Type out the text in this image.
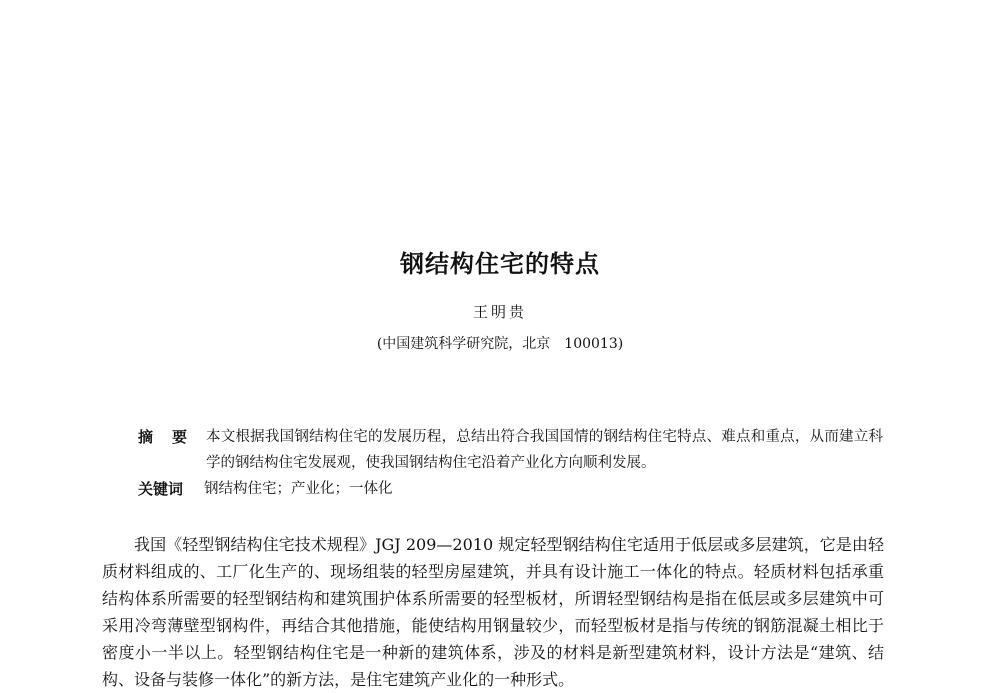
钢结构住宅的特点
王明贵
(中国建筑科学研究院，北京 100013)
摘要 本文根据我国钢结构住宅的发展历程，总结出符合我国国情的钢结构住宅特点、难点和重点，从而建立科学的钢结构住宅发展观，使我国钢结构住宅沿着产业化方向顺利发展。
关键词	钢结构住宅；产业化；一体化

我国《轻型钢结构住宅技术规程》JGJ 209—2010 规定轻型钢结构住宅适用于低层或多层建筑，它是由轻质材料组成的、工厂化生产的、现场组装的轻型房屋建筑，并具有设计施工一体化的特点。轻质材料包括承重结构体系所需要的轻型钢结构和建筑围护体系所需要的轻型板材，所谓轻型钢结构是指在低层或多层建筑中可采用冷弯薄壁型钢构件，再结合其他措施，能使结构用钢量较少，而轻型板材是指与传统的钢筋混凝土相比于密度小一半以上。轻型钢结构住宅是一种新的建筑体系，涉及的材料是新型建筑材料，设计方法是“建筑、结构、设备与装修一体化”的新方法，是住宅建筑产业化的一种形式。
